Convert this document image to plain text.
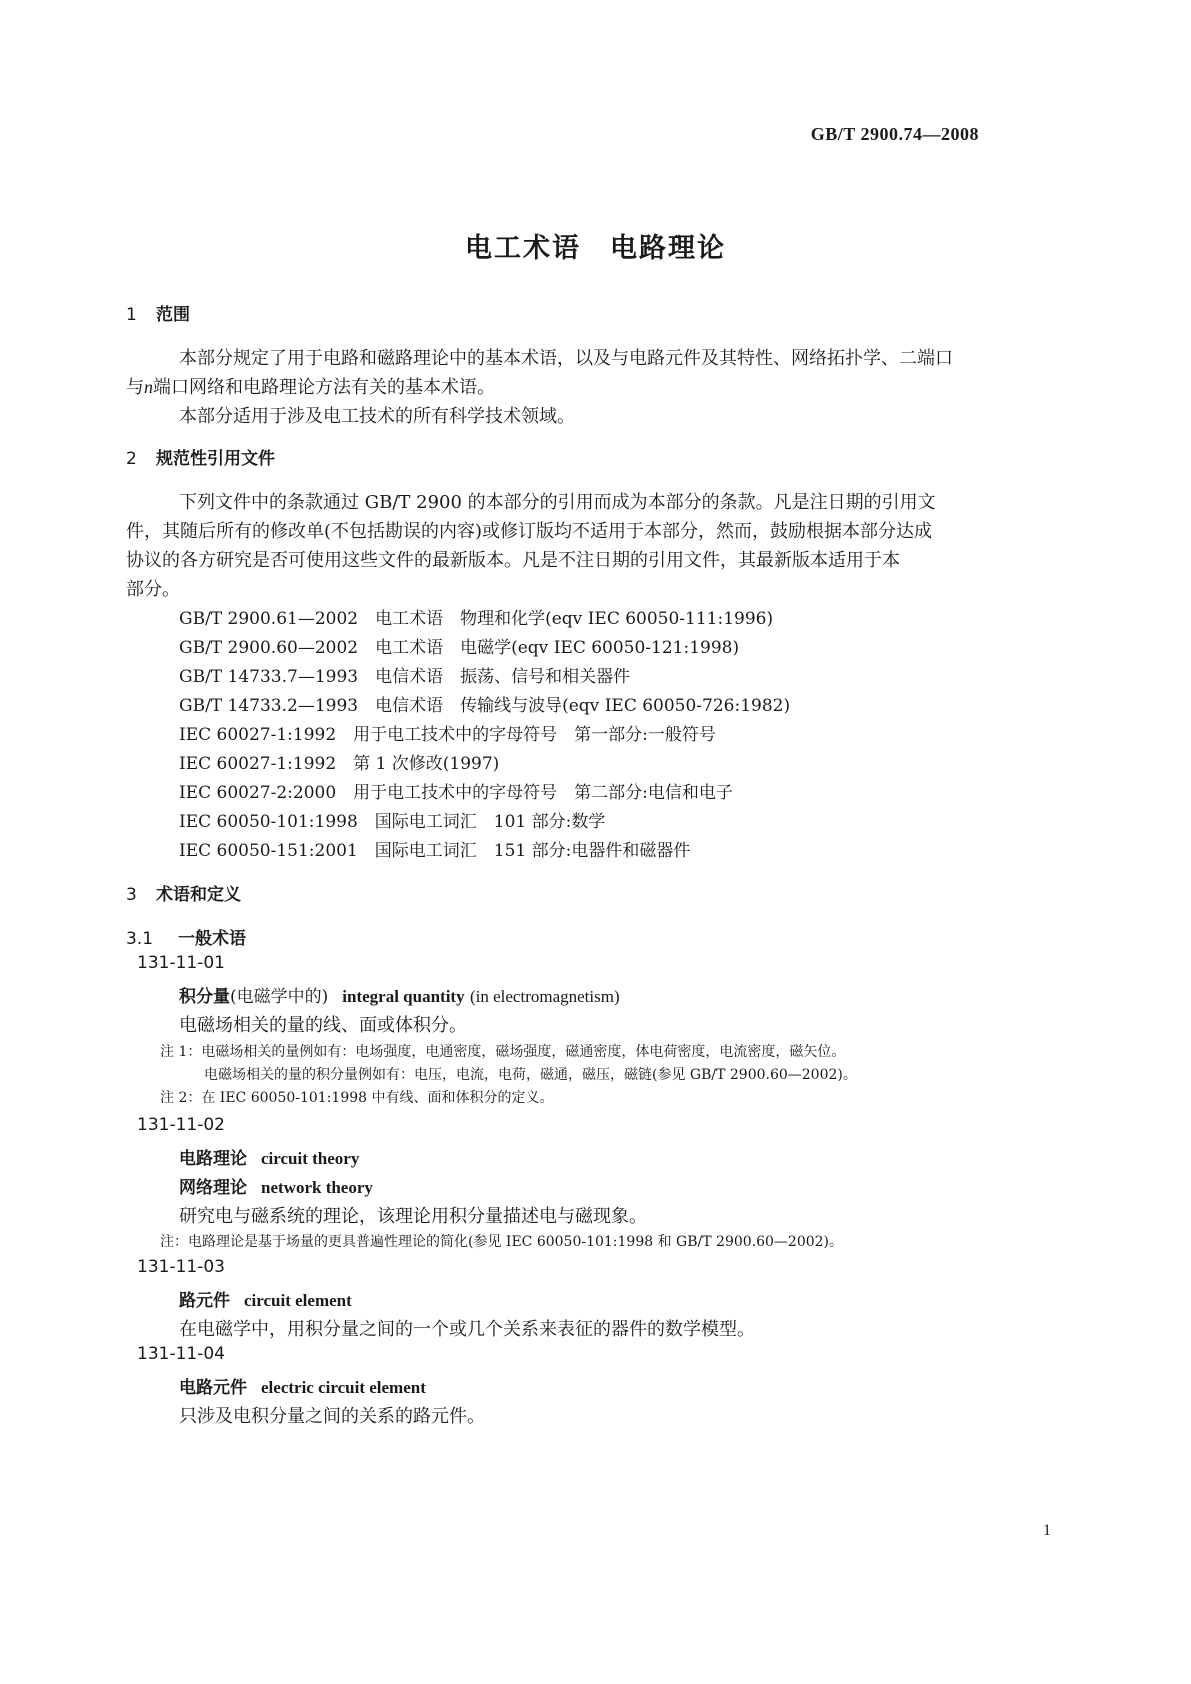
GB/T 2900.74—2008
电工术语　电路理论
1 范围
本部分规定了用于电路和磁路理论中的基本术语，以及与电路元件及其特性、网络拓扑学、二端口
与n端口网络和电路理论方法有关的基本术语。
本部分适用于涉及电工技术的所有科学技术领域。
2 规范性引用文件
下列文件中的条款通过 GB/T 2900 的本部分的引用而成为本部分的条款。凡是注日期的引用文
件，其随后所有的修改单(不包括勘误的内容)或修订版均不适用于本部分，然而，鼓励根据本部分达成
协议的各方研究是否可使用这些文件的最新版本。凡是不注日期的引用文件，其最新版本适用于本
部分。
GB/T 2900.61—2002　电工术语　物理和化学(eqv IEC 60050-111:1996)
GB/T 2900.60—2002　电工术语　电磁学(eqv IEC 60050-121:1998)
GB/T 14733.7—1993　电信术语　振荡、信号和相关器件
GB/T 14733.2—1993　电信术语　传输线与波导(eqv IEC 60050-726:1982)
IEC 60027-1:1992　用于电工技术中的字母符号　第一部分:一般符号
IEC 60027-1:1992　第 1 次修改(1997)
IEC 60027-2:2000　用于电工技术中的字母符号　第二部分:电信和电子
IEC 60050-101:1998　国际电工词汇　101 部分:数学
IEC 60050-151:2001　国际电工词汇　151 部分:电器件和磁器件
3 术语和定义
3.1 一般术语
131-11-01
积分量(电磁学中的) integral quantity (in electromagnetism)
电磁场相关的量的线、面或体积分。
注 1：电磁场相关的量例如有：电场强度，电通密度，磁场强度，磁通密度，体电荷密度，电流密度，磁矢位。
电磁场相关的量的积分量例如有：电压，电流，电荷，磁通，磁压，磁链(参见 GB/T 2900.60—2002)。
注 2：在 IEC 60050-101:1998 中有线、面和体积分的定义。
131-11-02
电路理论 circuit theory
网络理论 network theory
研究电与磁系统的理论，该理论用积分量描述电与磁现象。
注：电路理论是基于场量的更具普遍性理论的简化(参见 IEC 60050-101:1998 和 GB/T 2900.60—2002)。
131-11-03
路元件 circuit element
在电磁学中，用积分量之间的一个或几个关系来表征的器件的数学模型。
131-11-04
电路元件 electric circuit element
只涉及电积分量之间的关系的路元件。
1
